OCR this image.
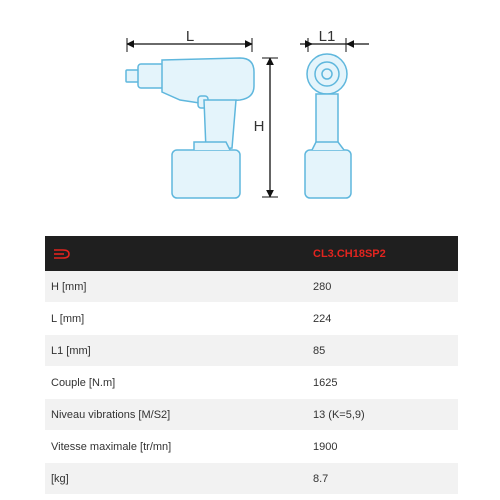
L	L1
H
	CL3.CH18SP2
H [mm]	280
L [mm]	224
L1 [mm]	85
Couple [N.m]	1625
Niveau vibrations [M/S2]	13 (K=5,9)
Vitesse maximale [tr/mn]	1900
[kg]	8.7
